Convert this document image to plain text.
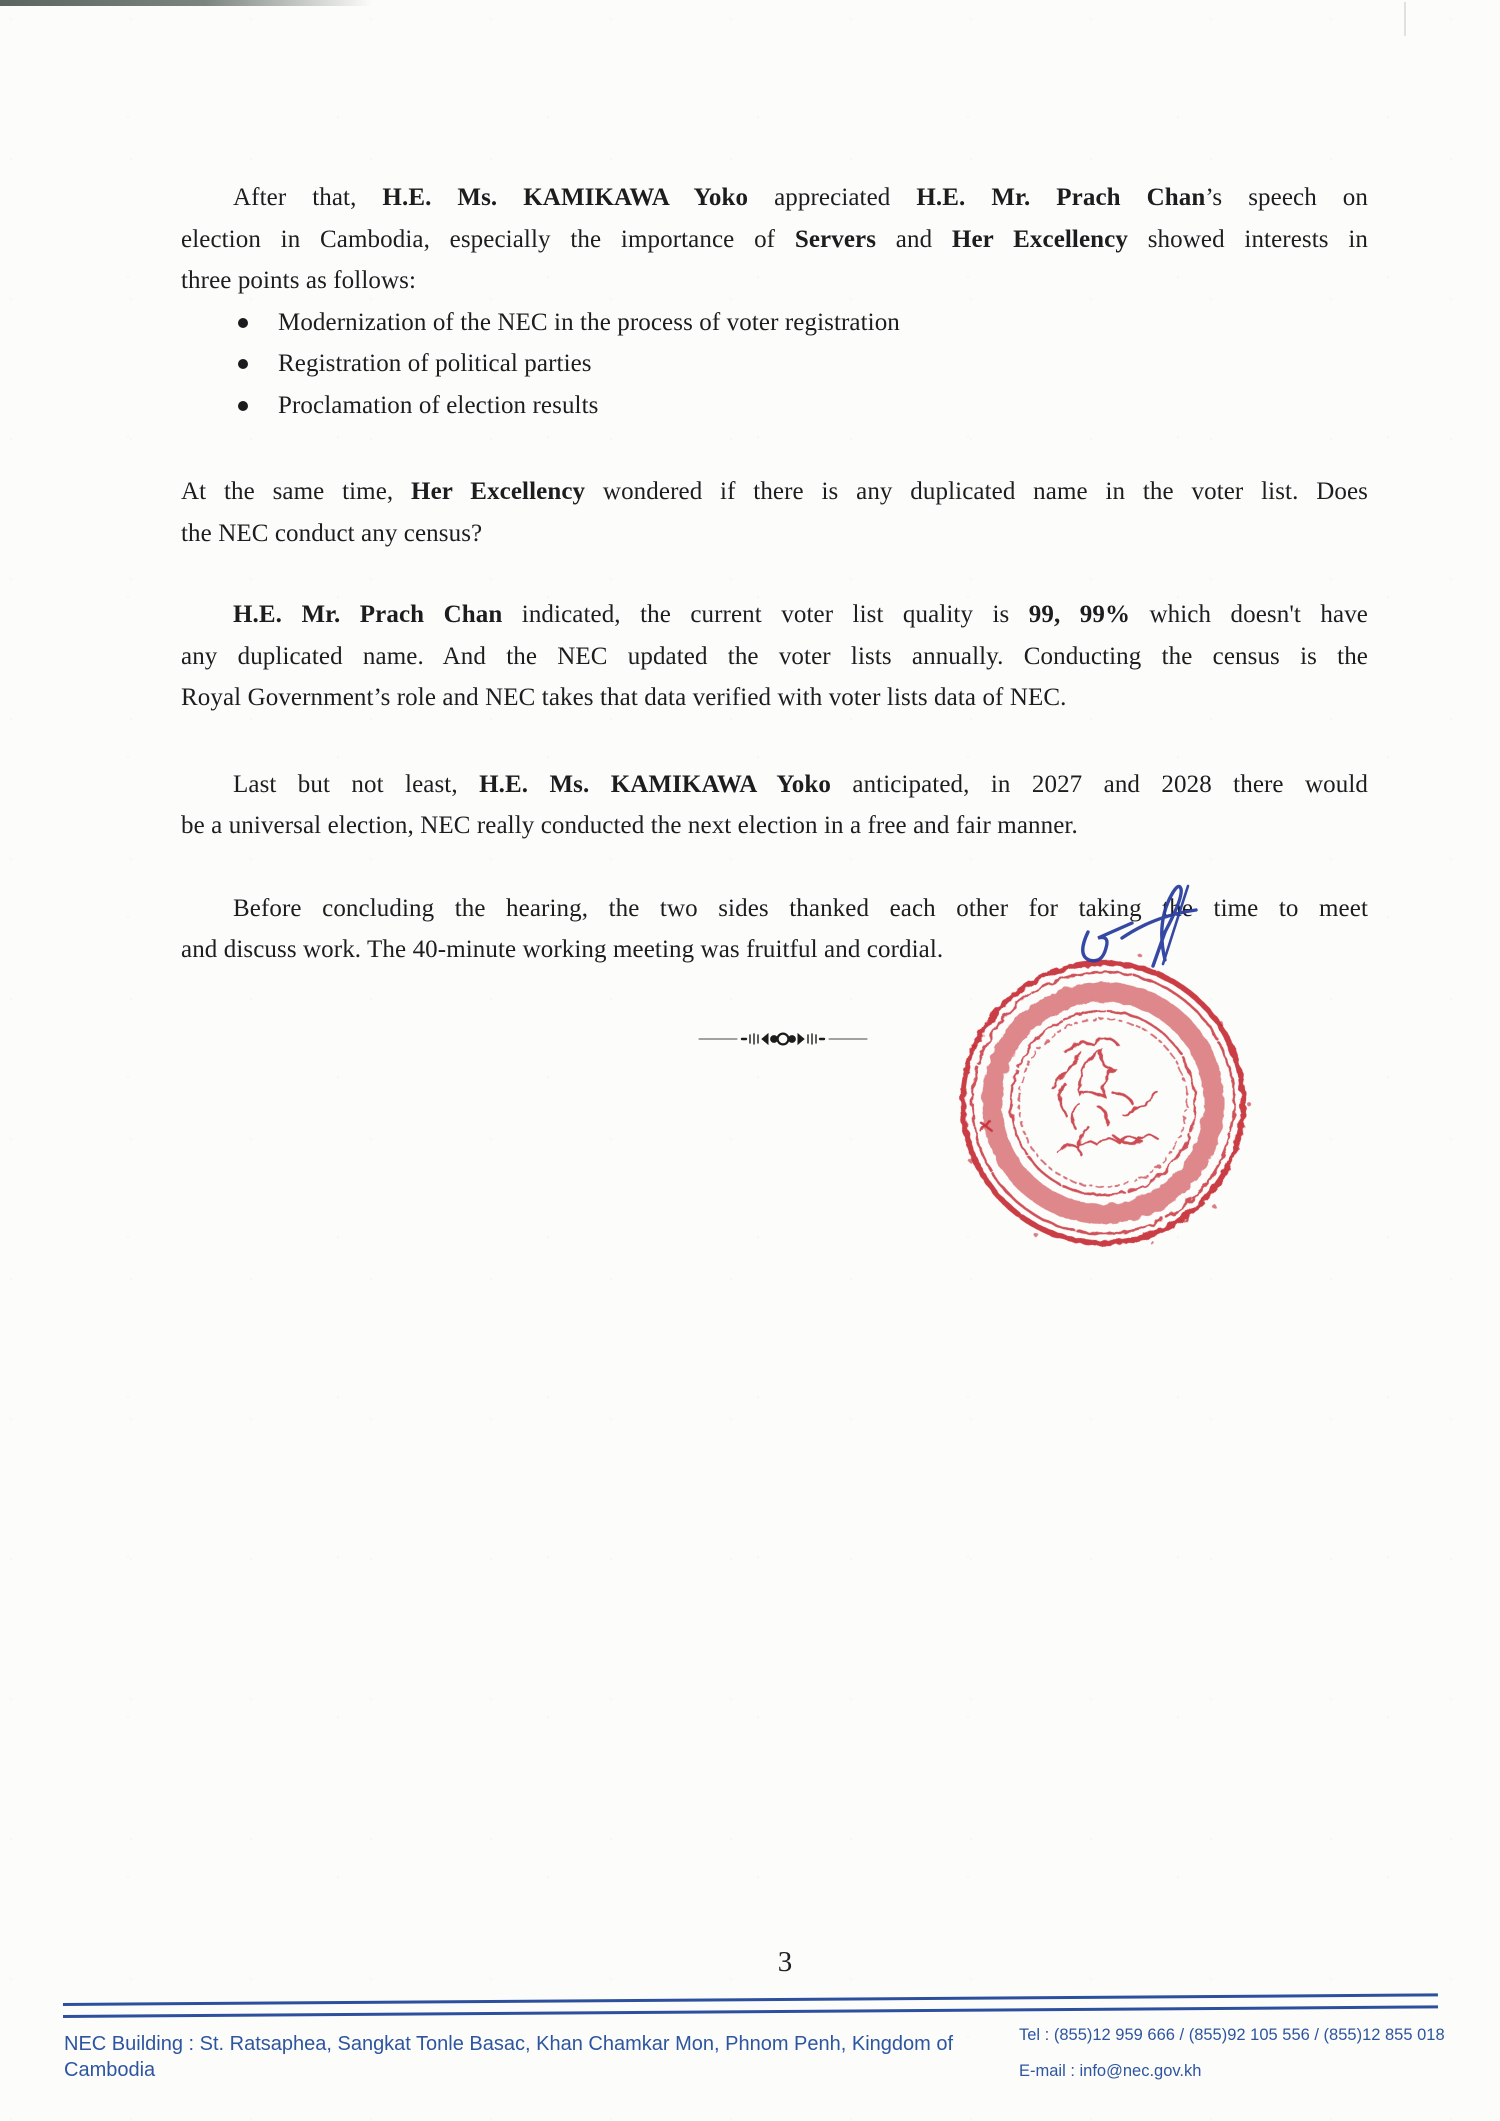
After that, H.E. Ms. KAMIKAWA Yoko appreciated H.E. Mr. Prach Chan’s speech on
election in Cambodia, especially the importance of Servers and Her Excellency showed interests in
three points as follows:
Modernization of the NEC in the process of voter registration
Registration of political parties
Proclamation of election results
At the same time, Her Excellency wondered if there is any duplicated name in the voter list. Does
the NEC conduct any census?
H.E. Mr. Prach Chan indicated, the current voter list quality is 99, 99% which doesn't have
any duplicated name. And the NEC updated the voter lists annually. Conducting the census is the
Royal Government’s role and NEC takes that data verified with voter lists data of NEC.
Last but not least, H.E. Ms. KAMIKAWA Yoko anticipated, in 2027 and 2028 there would
be a universal election, NEC really conducted the next election in a free and fair manner.
Before concluding the hearing, the two sides thanked each other for taking the time to meet
and discuss work. The 40-minute working meeting was fruitful and cordial.
3
NEC Building : St. Ratsaphea, Sangkat Tonle Basac, Khan Chamkar Mon, Phnom Penh, Kingdom of Cambodia
Tel : (855)12 959 666 / (855)92 105 556 / (855)12 855 018
E-mail : info@nec.gov.kh
